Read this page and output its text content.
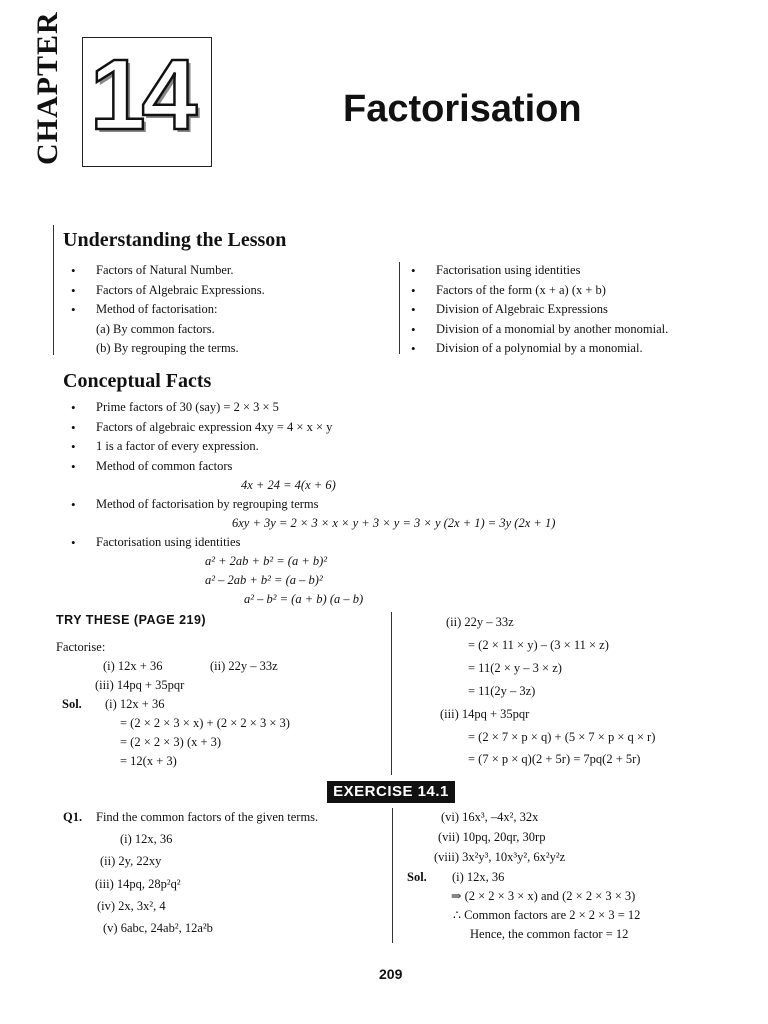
CHAPTER 14	Factorisation
Understanding the Lesson
• Factors of Natural Number.
• Factors of Algebraic Expressions.
• Method of factorisation:
(a) By common factors.
(b) By regrouping the terms.
• Factorisation using identities
• Factors of the form (x + a) (x + b)
• Division of Algebraic Expressions
• Division of a monomial by another monomial.
• Division of a polynomial by a monomial.
Conceptual Facts
• Prime factors of 30 (say) = 2 × 3 × 5
• Factors of algebraic expression 4xy = 4 × x × y
• 1 is a factor of every expression.
• Method of common factors
4x + 24 = 4(x + 6)
• Method of factorisation by regrouping terms
6xy + 3y = 2 × 3 × x × y + 3 × y = 3 × y (2x + 1) = 3y (2x + 1)
• Factorisation using identities
a² + 2ab + b² = (a + b)²
a² – 2ab + b² = (a – b)²
a² – b² = (a + b) (a – b)
TRY THESE (PAGE 219)
Factorise:
(i) 12x + 36	(ii) 22y – 33z
(iii) 14pq + 35pqr
Sol. (i) 12x + 36
= (2 × 2 × 3 × x) + (2 × 2 × 3 × 3)
= (2 × 2 × 3) (x + 3)
= 12(x + 3)
(ii) 22y – 33z
= (2 × 11 × y) – (3 × 11 × z)
= 11(2 × y – 3 × z)
= 11(2y – 3z)
(iii) 14pq + 35pqr
= (2 × 7 × p × q) + (5 × 7 × p × q × r)
= (7 × p × q)(2 + 5r) = 7pq(2 + 5r)
EXERCISE 14.1
Q1. Find the common factors of the given terms.
(i) 12x, 36
(ii) 2y, 22xy
(iii) 14pq, 28p²q²
(iv) 2x, 3x², 4
(v) 6abc, 24ab², 12a²b
(vi) 16x³, –4x², 32x
(vii) 10pq, 20qr, 30rp
(viii) 3x²y³, 10x³y², 6x²y²z
Sol. (i) 12x, 36
⇒ (2 × 2 × 3 × x) and (2 × 2 × 3 × 3)
∴ Common factors are 2 × 2 × 3 = 12
Hence, the common factor = 12
209
